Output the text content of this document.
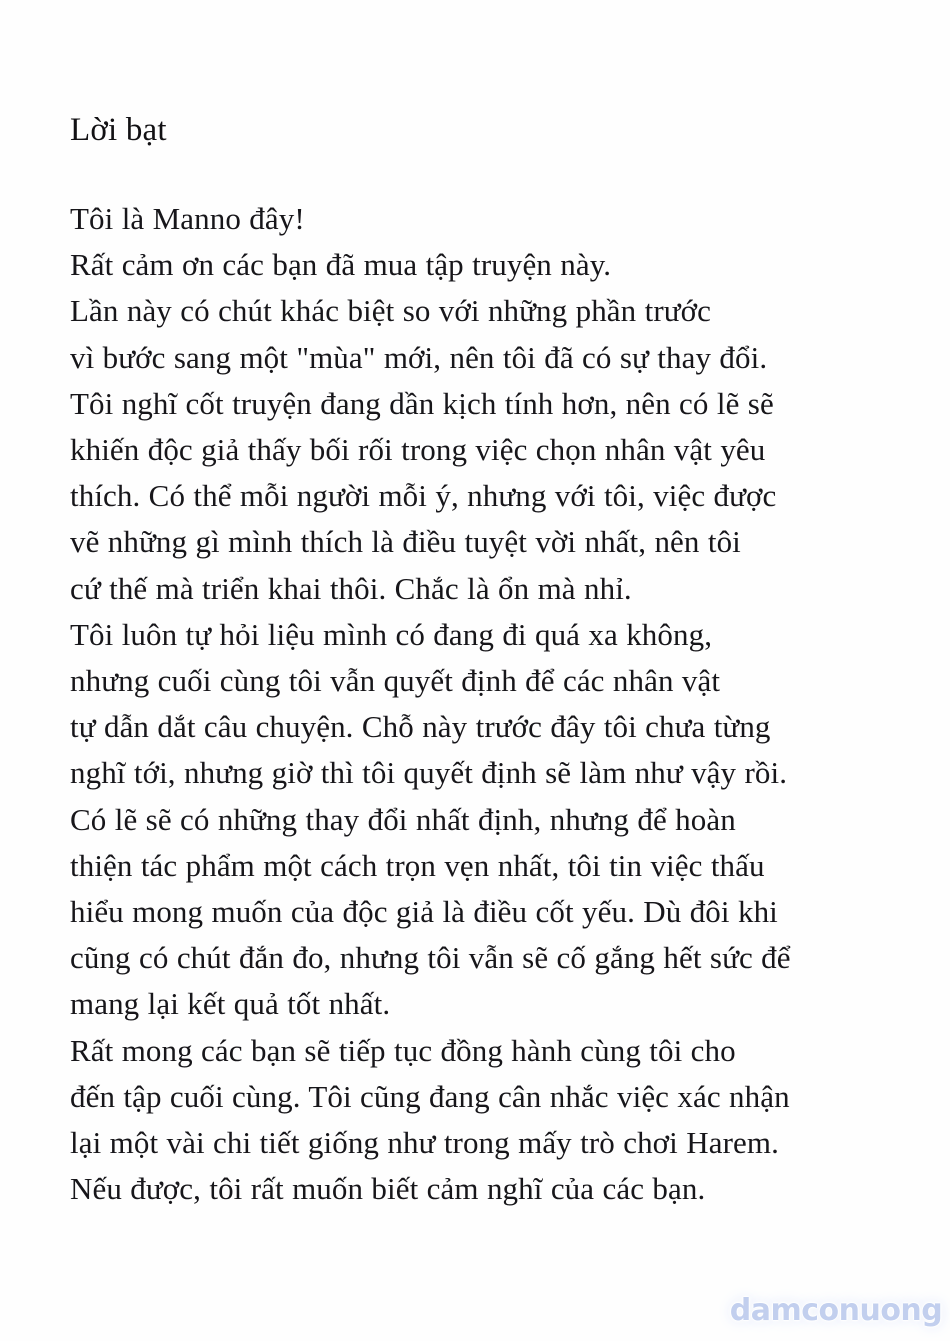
Lời bạt
Tôi là Manno đây!
Rất cảm ơn các bạn đã mua tập truyện này.
Lần này có chút khác biệt so với những phần trước
vì bước sang một "mùa" mới, nên tôi đã có sự thay đổi.
Tôi nghĩ cốt truyện đang dần kịch tính hơn, nên có lẽ sẽ
khiến độc giả thấy bối rối trong việc chọn nhân vật yêu
thích. Có thể mỗi người mỗi ý, nhưng với tôi, việc được
vẽ những gì mình thích là điều tuyệt vời nhất, nên tôi
cứ thế mà triển khai thôi. Chắc là ổn mà nhỉ.
Tôi luôn tự hỏi liệu mình có đang đi quá xa không,
nhưng cuối cùng tôi vẫn quyết định để các nhân vật
tự dẫn dắt câu chuyện. Chỗ này trước đây tôi chưa từng
nghĩ tới, nhưng giờ thì tôi quyết định sẽ làm như vậy rồi.
Có lẽ sẽ có những thay đổi nhất định, nhưng để hoàn
thiện tác phẩm một cách trọn vẹn nhất, tôi tin việc thấu
hiểu mong muốn của độc giả là điều cốt yếu. Dù đôi khi
cũng có chút đắn đo, nhưng tôi vẫn sẽ cố gắng hết sức để
mang lại kết quả tốt nhất.
Rất mong các bạn sẽ tiếp tục đồng hành cùng tôi cho
đến tập cuối cùng. Tôi cũng đang cân nhắc việc xác nhận
lại một vài chi tiết giống như trong mấy trò chơi Harem.
Nếu được, tôi rất muốn biết cảm nghĩ của các bạn.
damconuong
